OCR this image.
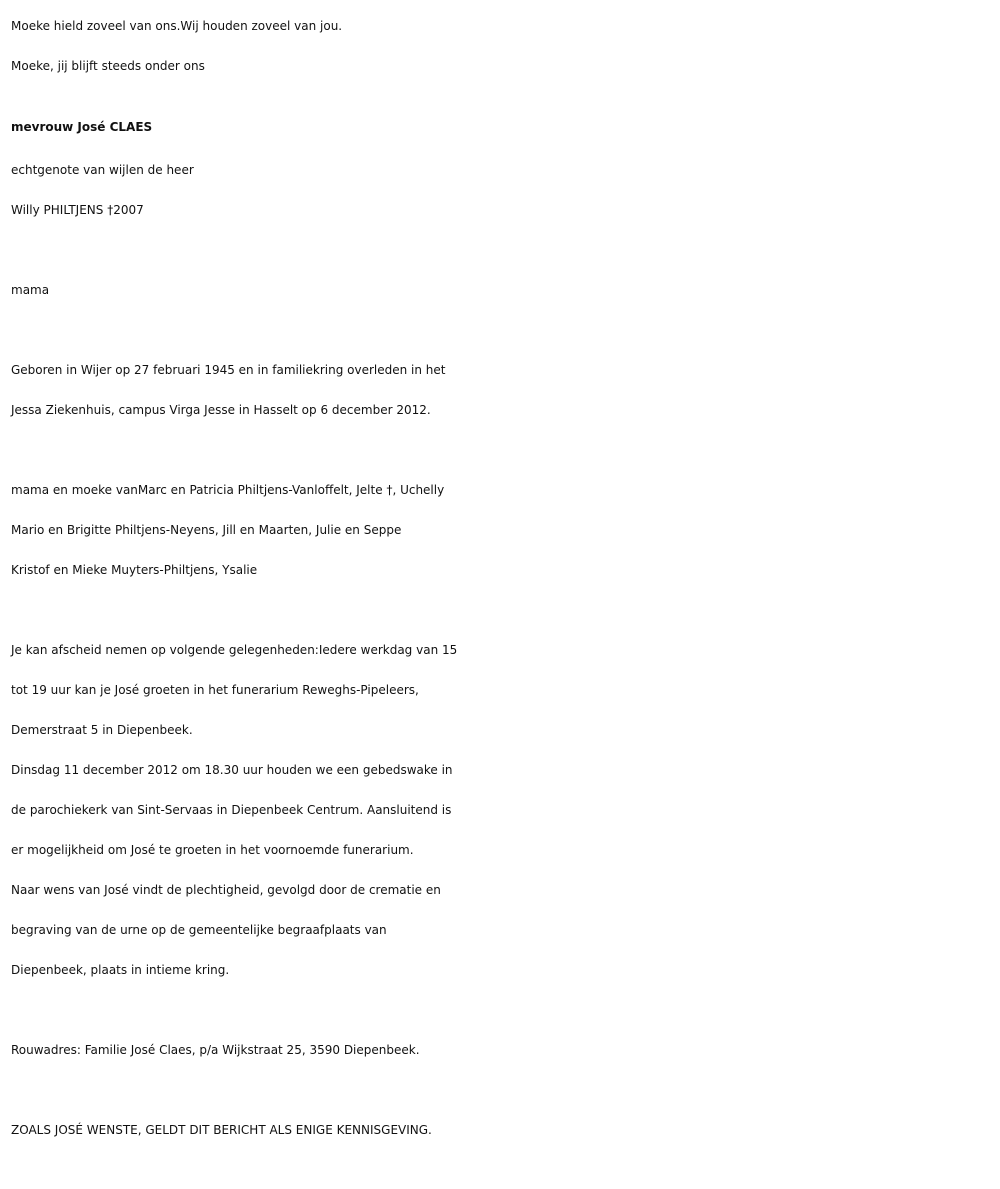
Moeke hield zoveel van ons.Wij houden zoveel van jou.
Moeke, jij blijft steeds onder ons
mevrouw José CLAES
echtgenote van wijlen de heer
Willy PHILTJENS †2007
mama
Geboren in Wijer op 27 februari 1945 en in familiekring overleden in het
Jessa Ziekenhuis, campus Virga Jesse in Hasselt op 6 december 2012.
mama en moeke vanMarc en Patricia Philtjens-Vanloffelt, Jelte †, Uchelly
Mario en Brigitte Philtjens-Neyens, Jill en Maarten, Julie en Seppe
Kristof en Mieke Muyters-Philtjens, Ysalie
Je kan afscheid nemen op volgende gelegenheden:Iedere werkdag van 15
tot 19 uur kan je José groeten in het funerarium Reweghs-Pipeleers,
Demerstraat 5 in Diepenbeek.
Dinsdag 11 december 2012 om 18.30 uur houden we een gebedswake in
de parochiekerk van Sint-Servaas in Diepenbeek Centrum. Aansluitend is
er mogelijkheid om José te groeten in het voornoemde funerarium.
Naar wens van José vindt de plechtigheid, gevolgd door de crematie en
begraving van de urne op de gemeentelijke begraafplaats van
Diepenbeek, plaats in intieme kring.
Rouwadres: Familie José Claes, p/a Wijkstraat 25, 3590 Diepenbeek.
ZOALS JOSÉ WENSTE, GELDT DIT BERICHT ALS ENIGE KENNISGEVING.
